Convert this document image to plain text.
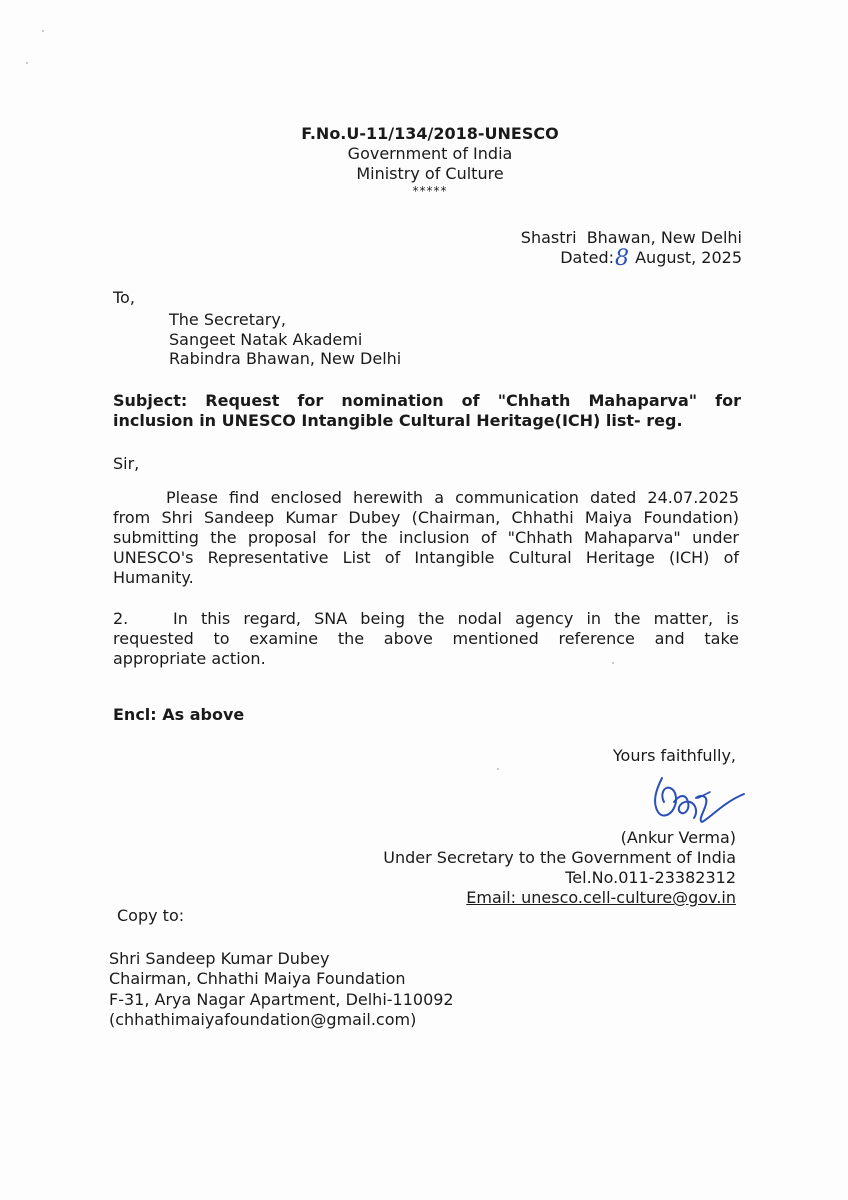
F.No.U-11/134/2018-UNESCO
Government of India
Ministry of Culture
*****
Shastri  Bhawan, New Delhi
Dated:8 August, 2025
To,
The Secretary,
Sangeet Natak Akademi
Rabindra Bhawan, New Delhi
Subject: Request for nomination of "Chhath Mahaparva" for
inclusion in UNESCO Intangible Cultural Heritage(ICH) list- reg.
Sir,
Please find enclosed herewith a communication dated 24.07.2025
from Shri Sandeep Kumar Dubey (Chairman, Chhathi Maiya Foundation)
submitting the proposal for the inclusion of "Chhath Mahaparva" under
UNESCO's Representative List of Intangible Cultural Heritage (ICH) of
Humanity.
2.	In this regard, SNA being the nodal agency in the matter, is
requested to examine the above mentioned reference and take
appropriate action.
Encl: As above
Yours faithfully,
(Ankur Verma)
Under Secretary to the Government of India
Tel.No.011-23382312
Email: unesco.cell-culture@gov.in
Copy to:
Shri Sandeep Kumar Dubey
Chairman, Chhathi Maiya Foundation
F-31, Arya Nagar Apartment, Delhi-110092
(chhathimaiyafoundation@gmail.com)
